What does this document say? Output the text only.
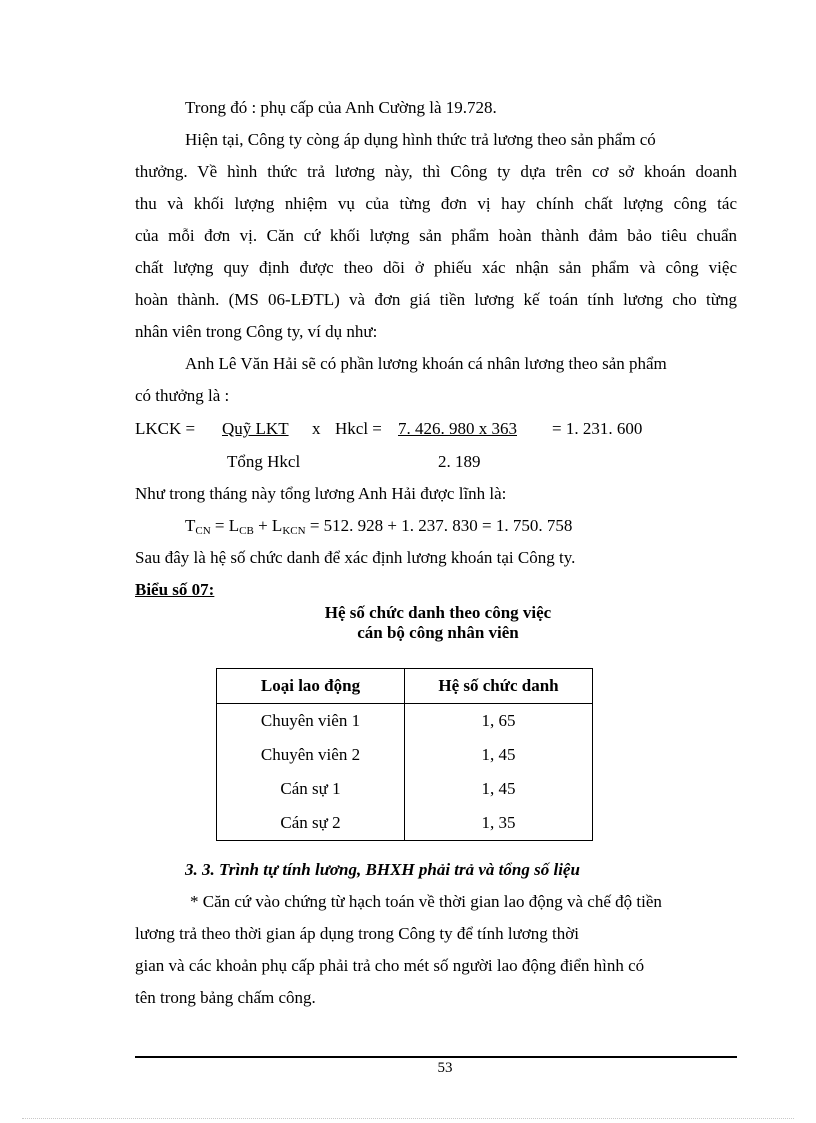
Trong đó : phụ cấp của Anh Cường là 19.728.
Hiện tại, Công ty còng áp dụng hình thức trả lương theo sản phẩm có
thưởng. Về hình thức trả lương này, thì Công ty dựa trên cơ sở khoán doanh
thu và khối lượng nhiệm vụ của từng đơn vị hay chính chất lượng công tác
của mỗi đơn vị. Căn cứ khối lượng sản phẩm hoàn thành đảm bảo tiêu chuẩn
chất lượng quy định được theo dõi ở phiếu xác nhận sản phẩm và công việc
hoàn thành. (MS 06-LĐTL) và đơn giá tiền lương kế toán tính lương cho từng
nhân viên trong Công ty, ví dụ như:
Anh Lê Văn Hải sẽ có phần lương khoán cá nhân lương theo sản phẩm
có thưởng là :
LKCK = Quỹ LKT x Hkcl = 7. 426. 980 x 363 = 1. 231. 600
Tổng Hkcl	2. 189
Như trong tháng này tổng lương Anh Hải được lĩnh là:
$T_{CN} = L_{CB} + L_{KCN} = 512$. 928 + 1. 237. 830 = 1. 750. 758
Sau đây là hệ số chức danh để xác định lương khoán tại Công ty.
Biểu số 07:
Hệ số chức danh theo công việc
cán bộ công nhân viên
Loại lao động	Hệ số chức danh
Chuyên viên 1	1, 65
Chuyên viên 2	1, 45
Cán sự 1	1, 45
Cán sự 2	1, 35
3. 3. Trình tự tính lương, BHXH phải trả và tổng số liệu
* Căn cứ vào chứng từ hạch toán về thời gian lao động và chế độ tiền
lương trả theo thời gian áp dụng trong Công ty để tính lương thời
gian và các khoản phụ cấp phải trả cho mét số người lao động điển hình có
tên trong bảng chấm công.
53
